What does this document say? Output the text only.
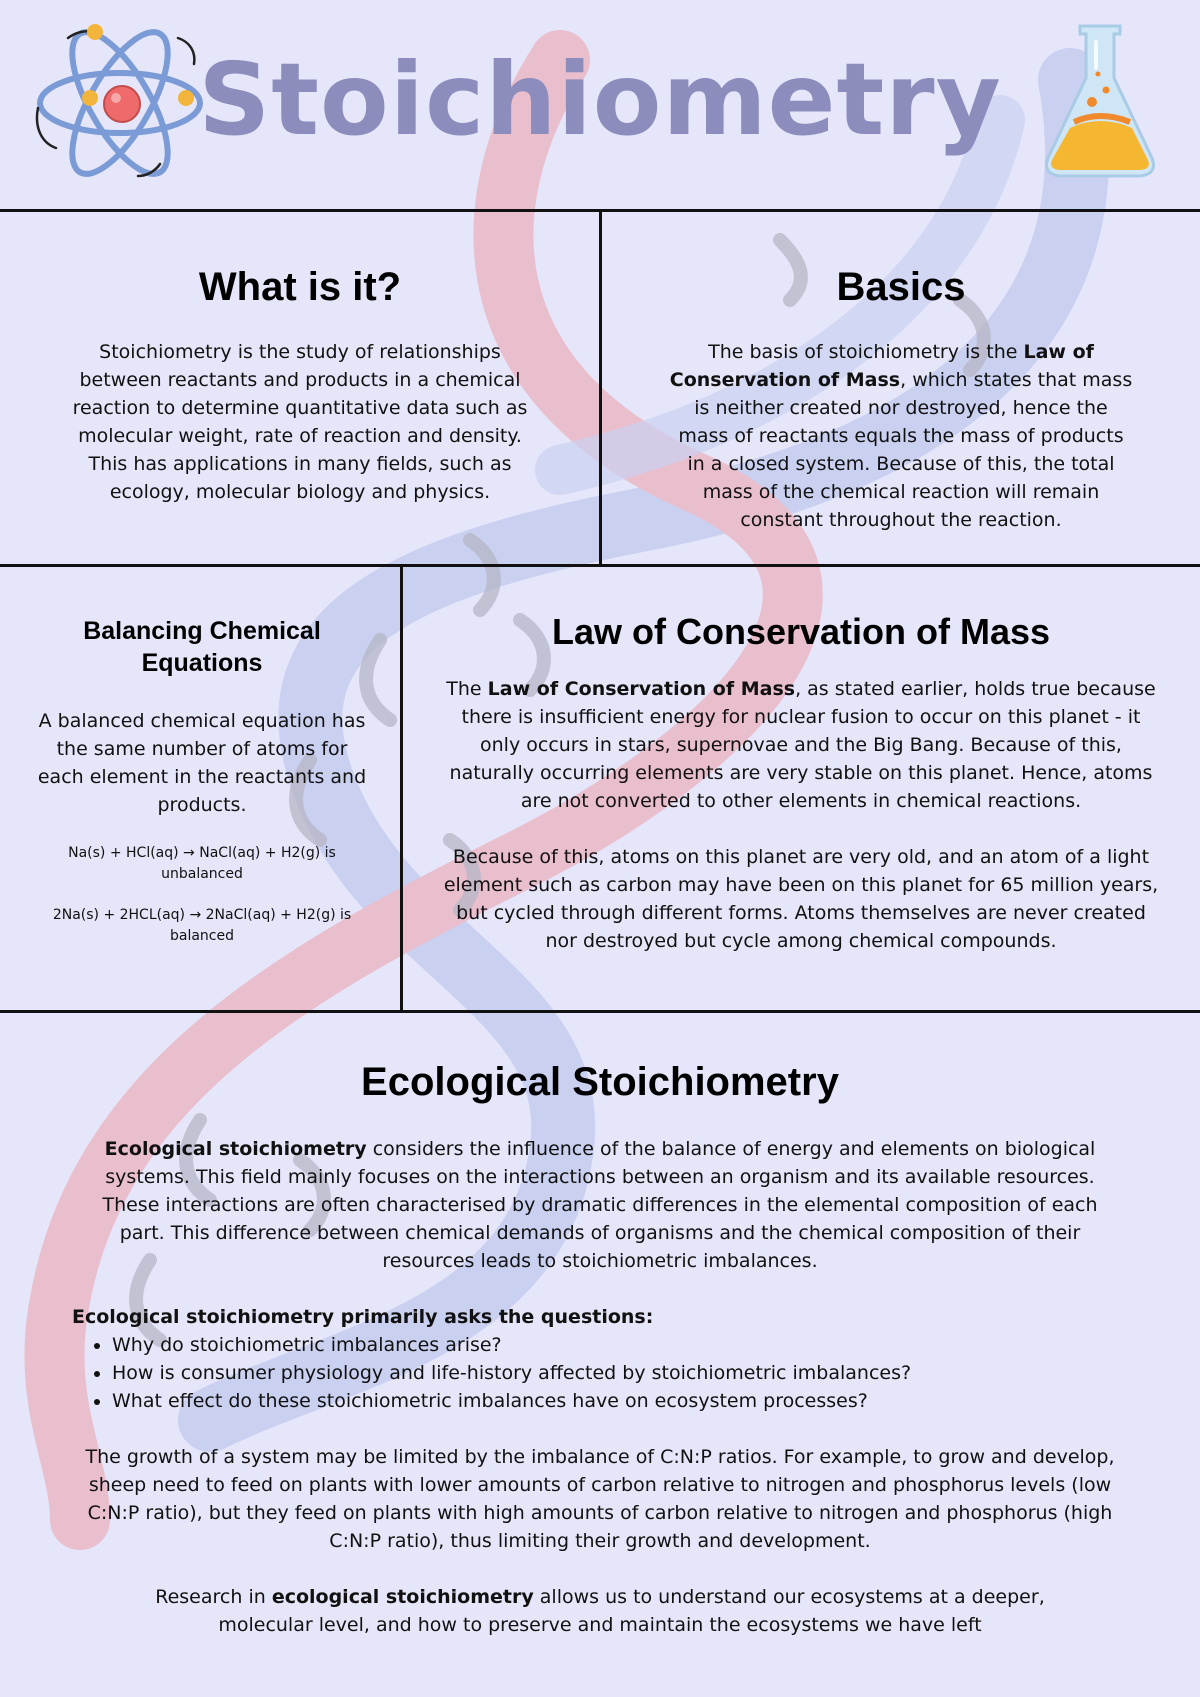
Stoichiometry
What is it?

Stoichiometry is the study of relationships between reactants and products in a chemical reaction to determine quantitative data such as molecular weight, rate of reaction and density. This has applications in many fields, such as ecology, molecular biology and physics.

Basics

The basis of stoichiometry is the Law of Conservation of Mass, which states that mass is neither created nor destroyed, hence the mass of reactants equals the mass of products in a closed system. Because of this, the total mass of the chemical reaction will remain constant throughout the reaction.

Balancing Chemical Equations

A balanced chemical equation has the same number of atoms for each element in the reactants and products.

Na(s) + HCl(aq) → NaCl(aq) + H2(g) is unbalanced

2Na(s) + 2HCL(aq) → 2NaCl(aq) + H2(g) is balanced

Law of Conservation of Mass

The Law of Conservation of Mass, as stated earlier, holds true because there is insufficient energy for nuclear fusion to occur on this planet - it only occurs in stars, supernovae and the Big Bang. Because of this, naturally occurring elements are very stable on this planet. Hence, atoms are not converted to other elements in chemical reactions.

Because of this, atoms on this planet are very old, and an atom of a light element such as carbon may have been on this planet for 65 million years, but cycled through different forms. Atoms themselves are never created nor destroyed but cycle among chemical compounds.

Ecological Stoichiometry

Ecological stoichiometry considers the influence of the balance of energy and elements on biological systems. This field mainly focuses on the interactions between an organism and its available resources. These interactions are often characterised by dramatic differences in the elemental composition of each part. This difference between chemical demands of organisms and the chemical composition of their resources leads to stoichiometric imbalances.

Ecological stoichiometry primarily asks the questions:

• Why do stoichiometric imbalances arise?
• How is consumer physiology and life-history affected by stoichiometric imbalances?
• What effect do these stoichiometric imbalances have on ecosystem processes?

The growth of a system may be limited by the imbalance of C:N:P ratios. For example, to grow and develop, sheep need to feed on plants with lower amounts of carbon relative to nitrogen and phosphorus levels (low C:N:P ratio), but they feed on plants with high amounts of carbon relative to nitrogen and phosphorus (high C:N:P ratio), thus limiting their growth and development.

Research in ecological stoichiometry allows us to understand our ecosystems at a deeper, molecular level, and how to preserve and maintain the ecosystems we have left
